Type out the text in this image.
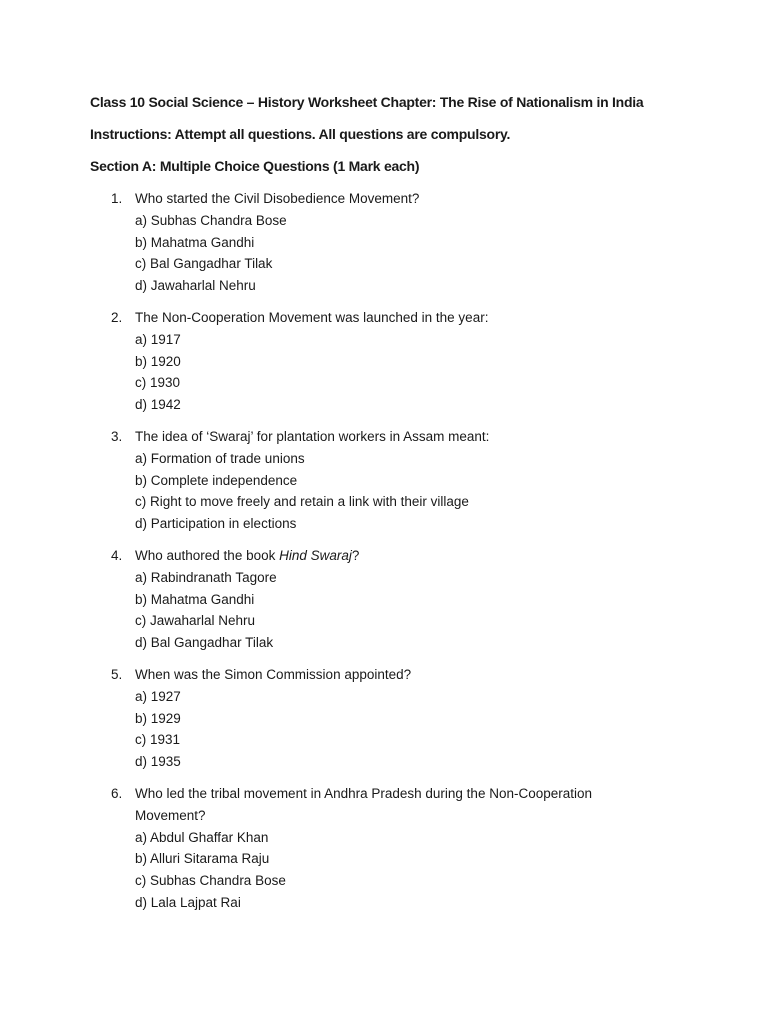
Class 10 Social Science – History Worksheet Chapter: The Rise of Nationalism in India
Instructions: Attempt all questions. All questions are compulsory.
Section A: Multiple Choice Questions (1 Mark each)
1. Who started the Civil Disobedience Movement?
a) Subhas Chandra Bose
b) Mahatma Gandhi
c) Bal Gangadhar Tilak
d) Jawaharlal Nehru
2. The Non-Cooperation Movement was launched in the year:
a) 1917
b) 1920
c) 1930
d) 1942
3. The idea of ‘Swaraj’ for plantation workers in Assam meant:
a) Formation of trade unions
b) Complete independence
c) Right to move freely and retain a link with their village
d) Participation in elections
4. Who authored the book Hind Swaraj?
a) Rabindranath Tagore
b) Mahatma Gandhi
c) Jawaharlal Nehru
d) Bal Gangadhar Tilak
5. When was the Simon Commission appointed?
a) 1927
b) 1929
c) 1931
d) 1935
6. Who led the tribal movement in Andhra Pradesh during the Non-Cooperation Movement?
a) Abdul Ghaffar Khan
b) Alluri Sitarama Raju
c) Subhas Chandra Bose
d) Lala Lajpat Rai
